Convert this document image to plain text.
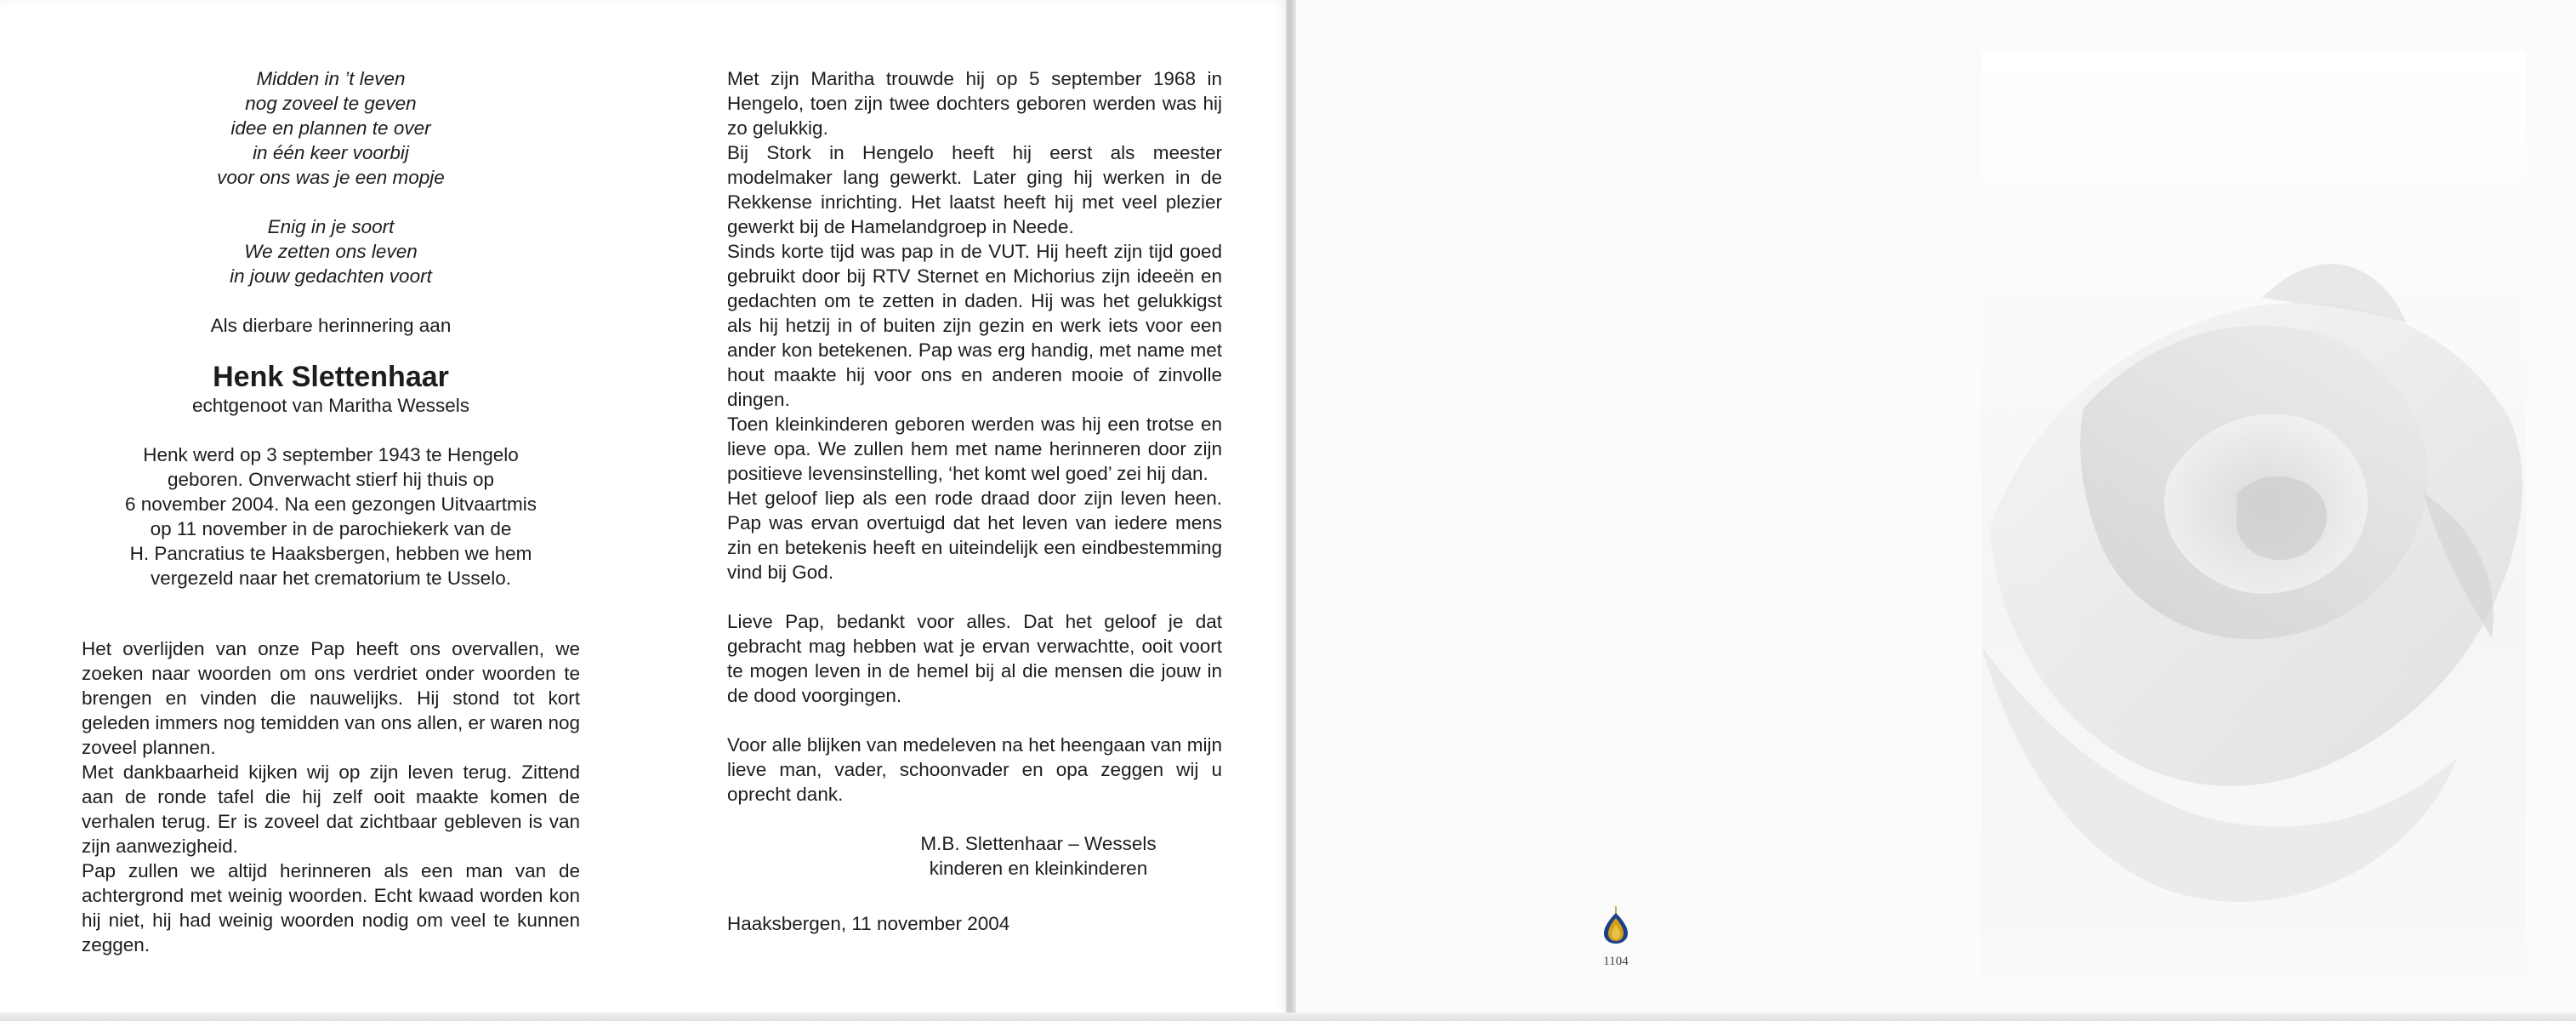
Midden in ’t leven

nog zoveel te geven

idee en plannen te over

in één keer voorbij

voor ons was je een mopje

Enig in je soort

We zetten ons leven

in jouw gedachten voort

Als dierbare herinnering aan
Henk Slettenhaar
echtgenoot van Maritha Wessels

Henk werd op 3 september 1943 te Hengelo

geboren. Onverwacht stierf hij thuis op

6 november 2004. Na een gezongen Uitvaartmis

op 11 november in de parochiekerk van de

H. Pancratius te Haaksbergen, hebben we hem

vergezeld naar het crematorium te Usselo.

Het overlijden van onze Pap heeft ons overvallen, we zoeken naar woorden om ons verdriet onder woorden te brengen en vinden die nauwelijks. Hij stond tot kort geleden immers nog temidden van ons allen, er waren nog zoveel plannen.

Met dankbaarheid kijken wij op zijn leven terug. Zittend aan de ronde tafel die hij zelf ooit maakte komen de verhalen terug. Er is zoveel dat zichtbaar gebleven is van zijn aanwezigheid.

Pap zullen we altijd herinneren als een man van de achtergrond met weinig woorden. Echt kwaad worden kon hij niet, hij had weinig woorden nodig om veel te kunnen zeggen.

Met zijn Maritha trouwde hij op 5 september 1968 in Hengelo, toen zijn twee dochters geboren werden was hij zo gelukkig.

Bij Stork in Hengelo heeft hij eerst als meester modelmaker lang gewerkt. Later ging hij werken in de Rekkense inrichting. Het laatst heeft hij met veel plezier gewerkt bij de Hamelandgroep in Neede.

Sinds korte tijd was pap in de VUT. Hij heeft zijn tijd goed gebruikt door bij RTV Sternet en Michorius zijn ideeën en gedachten om te zetten in daden. Hij was het gelukkigst als hij hetzij in of buiten zijn gezin en werk iets voor een ander kon betekenen. Pap was erg handig, met name met hout maakte hij voor ons en anderen mooie of zinvolle dingen.

Toen kleinkinderen geboren werden was hij een trotse en lieve opa. We zullen hem met name herinneren door zijn positieve levensinstelling, ‘het komt wel goed’ zei hij dan.

Het geloof liep als een rode draad door zijn leven heen. Pap was ervan overtuigd dat het leven van iedere mens zin en betekenis heeft en uiteindelijk een eindbestemming vind bij God.

Lieve Pap, bedankt voor alles. Dat het geloof je dat gebracht mag hebben wat je ervan verwachtte, ooit voort te mogen leven in de hemel bij al die mensen die jouw in de dood voorgingen.

Voor alle blijken van medeleven na het heengaan van mijn lieve man, vader, schoonvader en opa zeggen wij u oprecht dank.

M.B. Slettenhaar – Wessels

kinderen en kleinkinderen

Haaksbergen, 11 november 2004
1104
